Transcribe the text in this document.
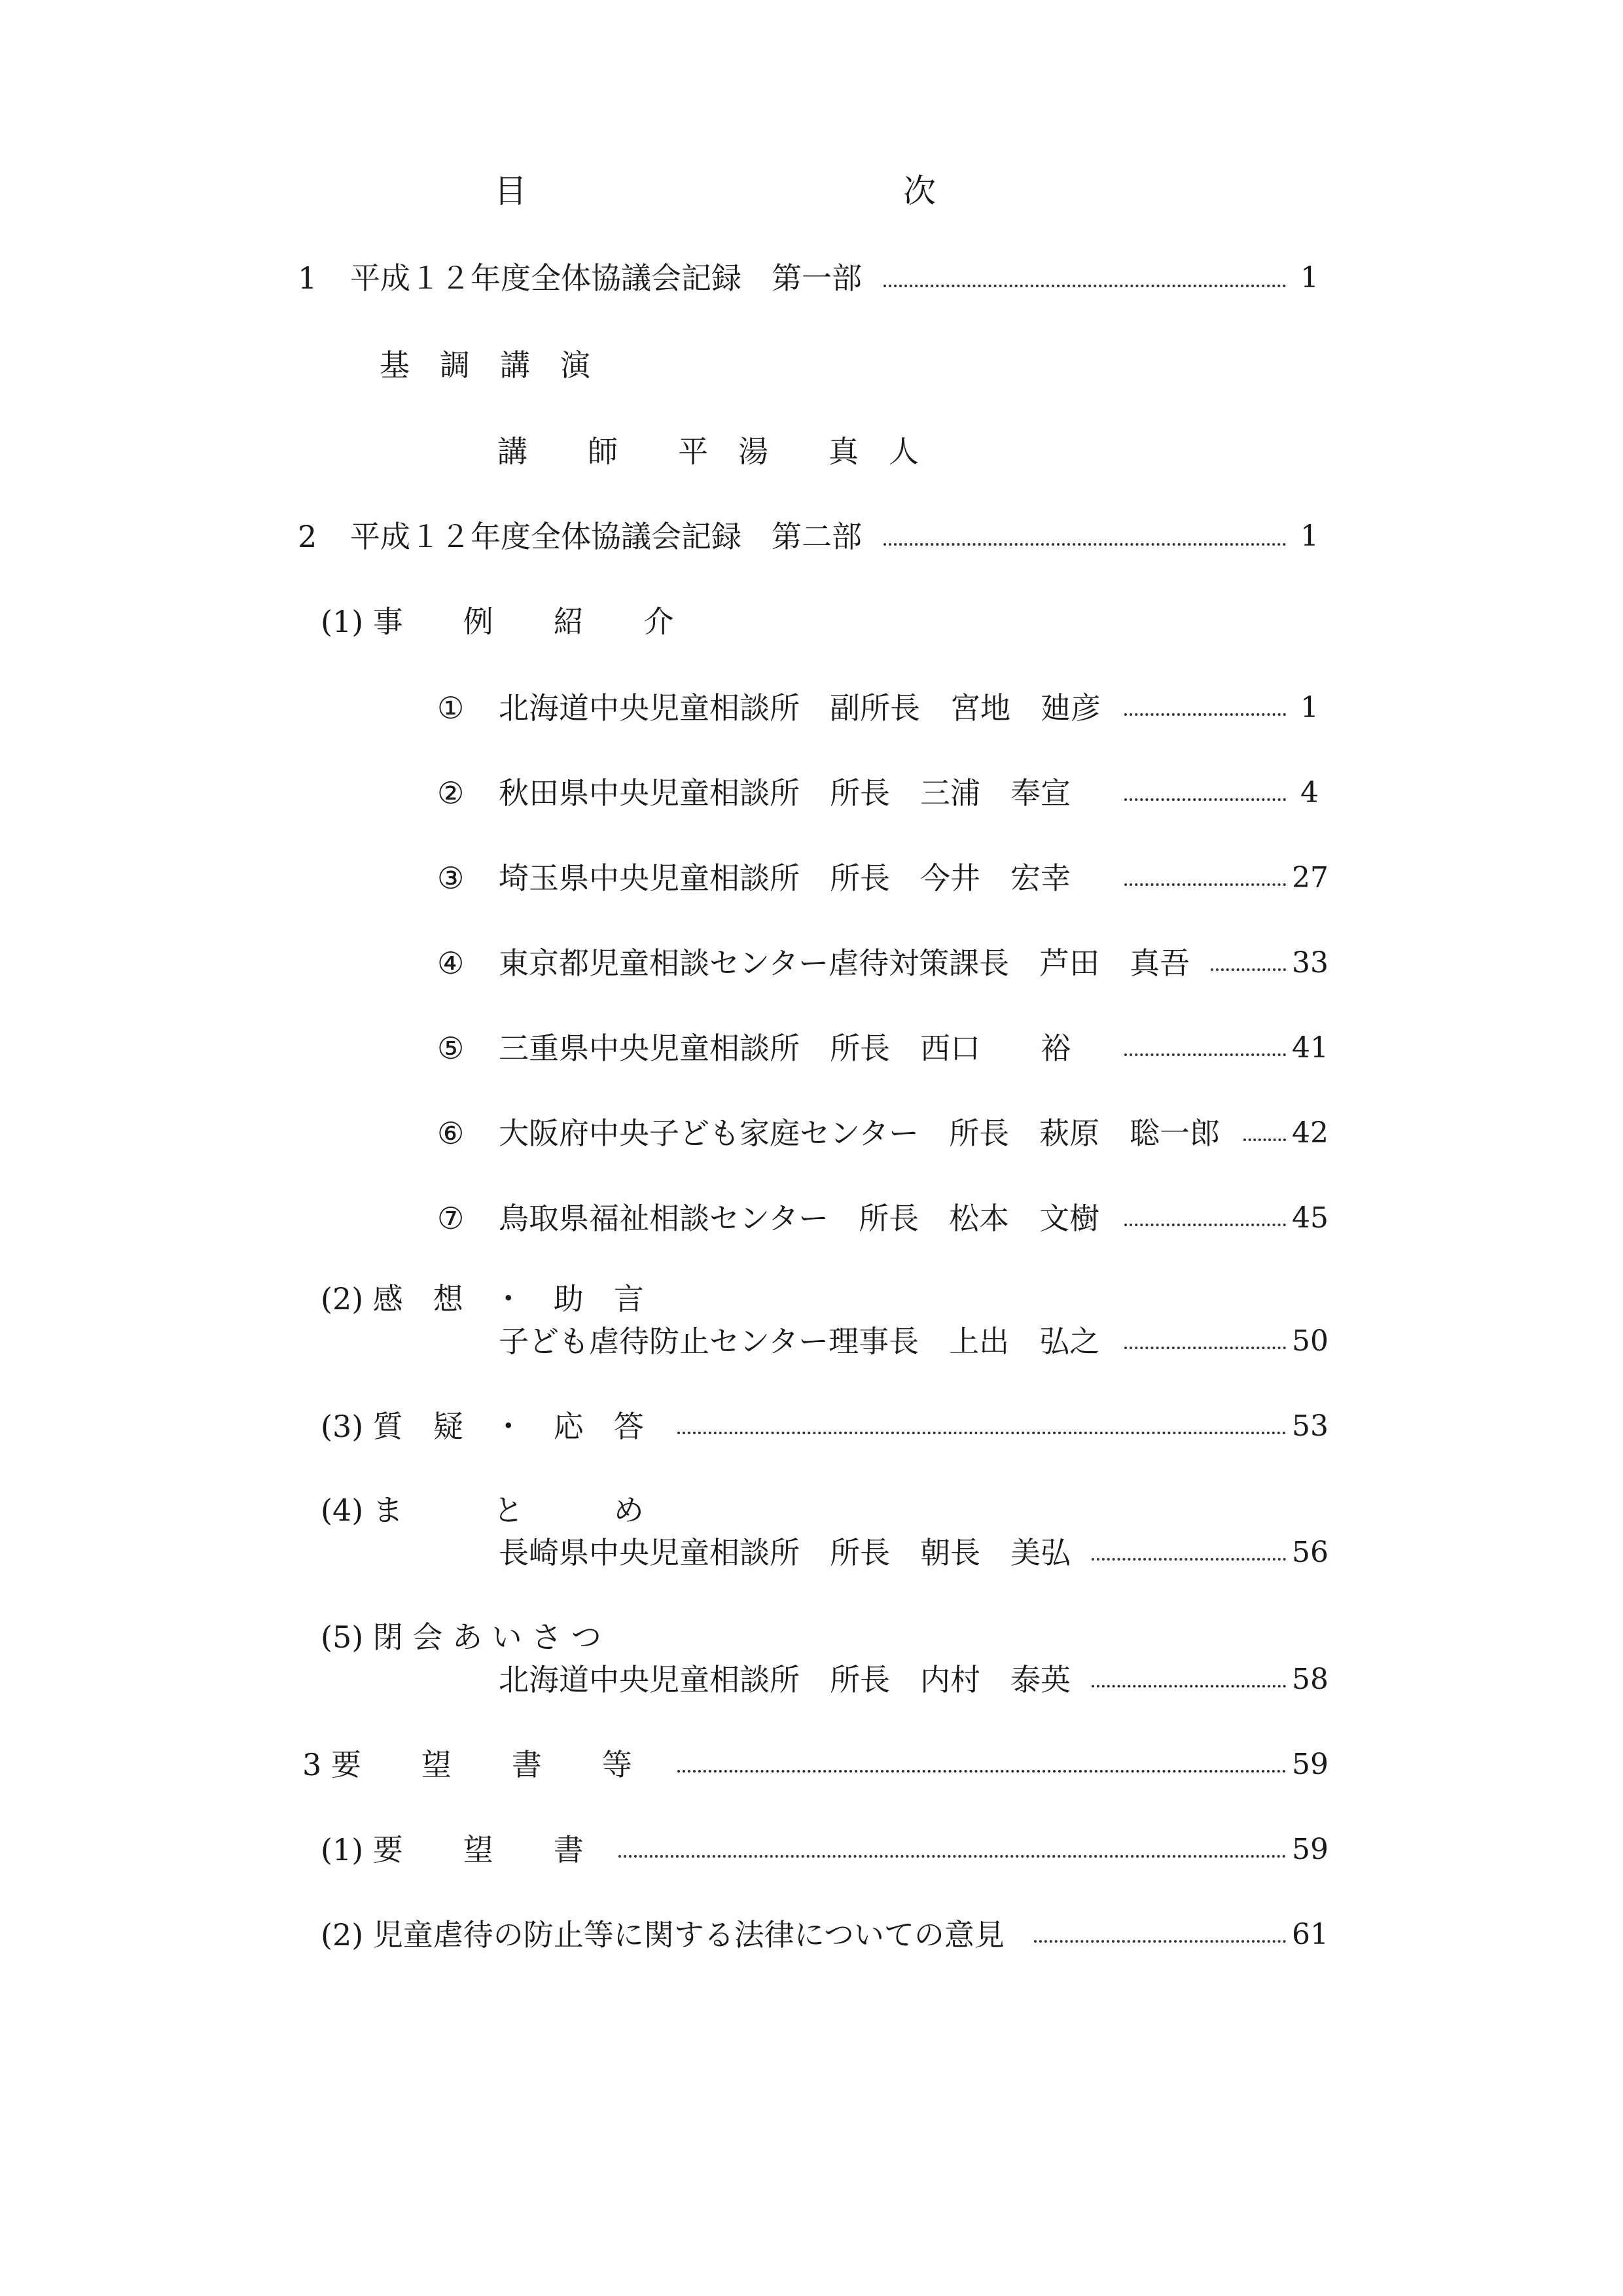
目	次
1 平成１２年度全体協議会記録　第一部	1
基　調　講　演
講　　師　　平　湯　　真　人
2 平成１２年度全体協議会記録　第二部	1
(1) 事　　例　　紹　　介
① 北海道中央児童相談所　副所長　宮地　廸彦	1
② 秋田県中央児童相談所　所長　三浦　奉宣	4
③ 埼玉県中央児童相談所　所長　今井　宏幸	27
④ 東京都児童相談センター虐待対策課長　芦田　真吾	33
⑤ 三重県中央児童相談所　所長　西口　　裕	41
⑥ 大阪府中央子ども家庭センター　所長　萩原　聡一郎	42
⑦ 鳥取県福祉相談センター　所長　松本　文樹	45
(2) 感　想　・　助　言
子ども虐待防止センター理事長　上出　弘之	50
(3) 質　疑　・　応　答	53
(4) ま　　　と　　　め
長崎県中央児童相談所　所長　朝長　美弘	56
(5) 閉 会 あ い さ つ
北海道中央児童相談所　所長　内村　泰英	58
3 要　　望　　書　　等	59
(1) 要　　望　　書	59
(2) 児童虐待の防止等に関する法律についての意見	61
